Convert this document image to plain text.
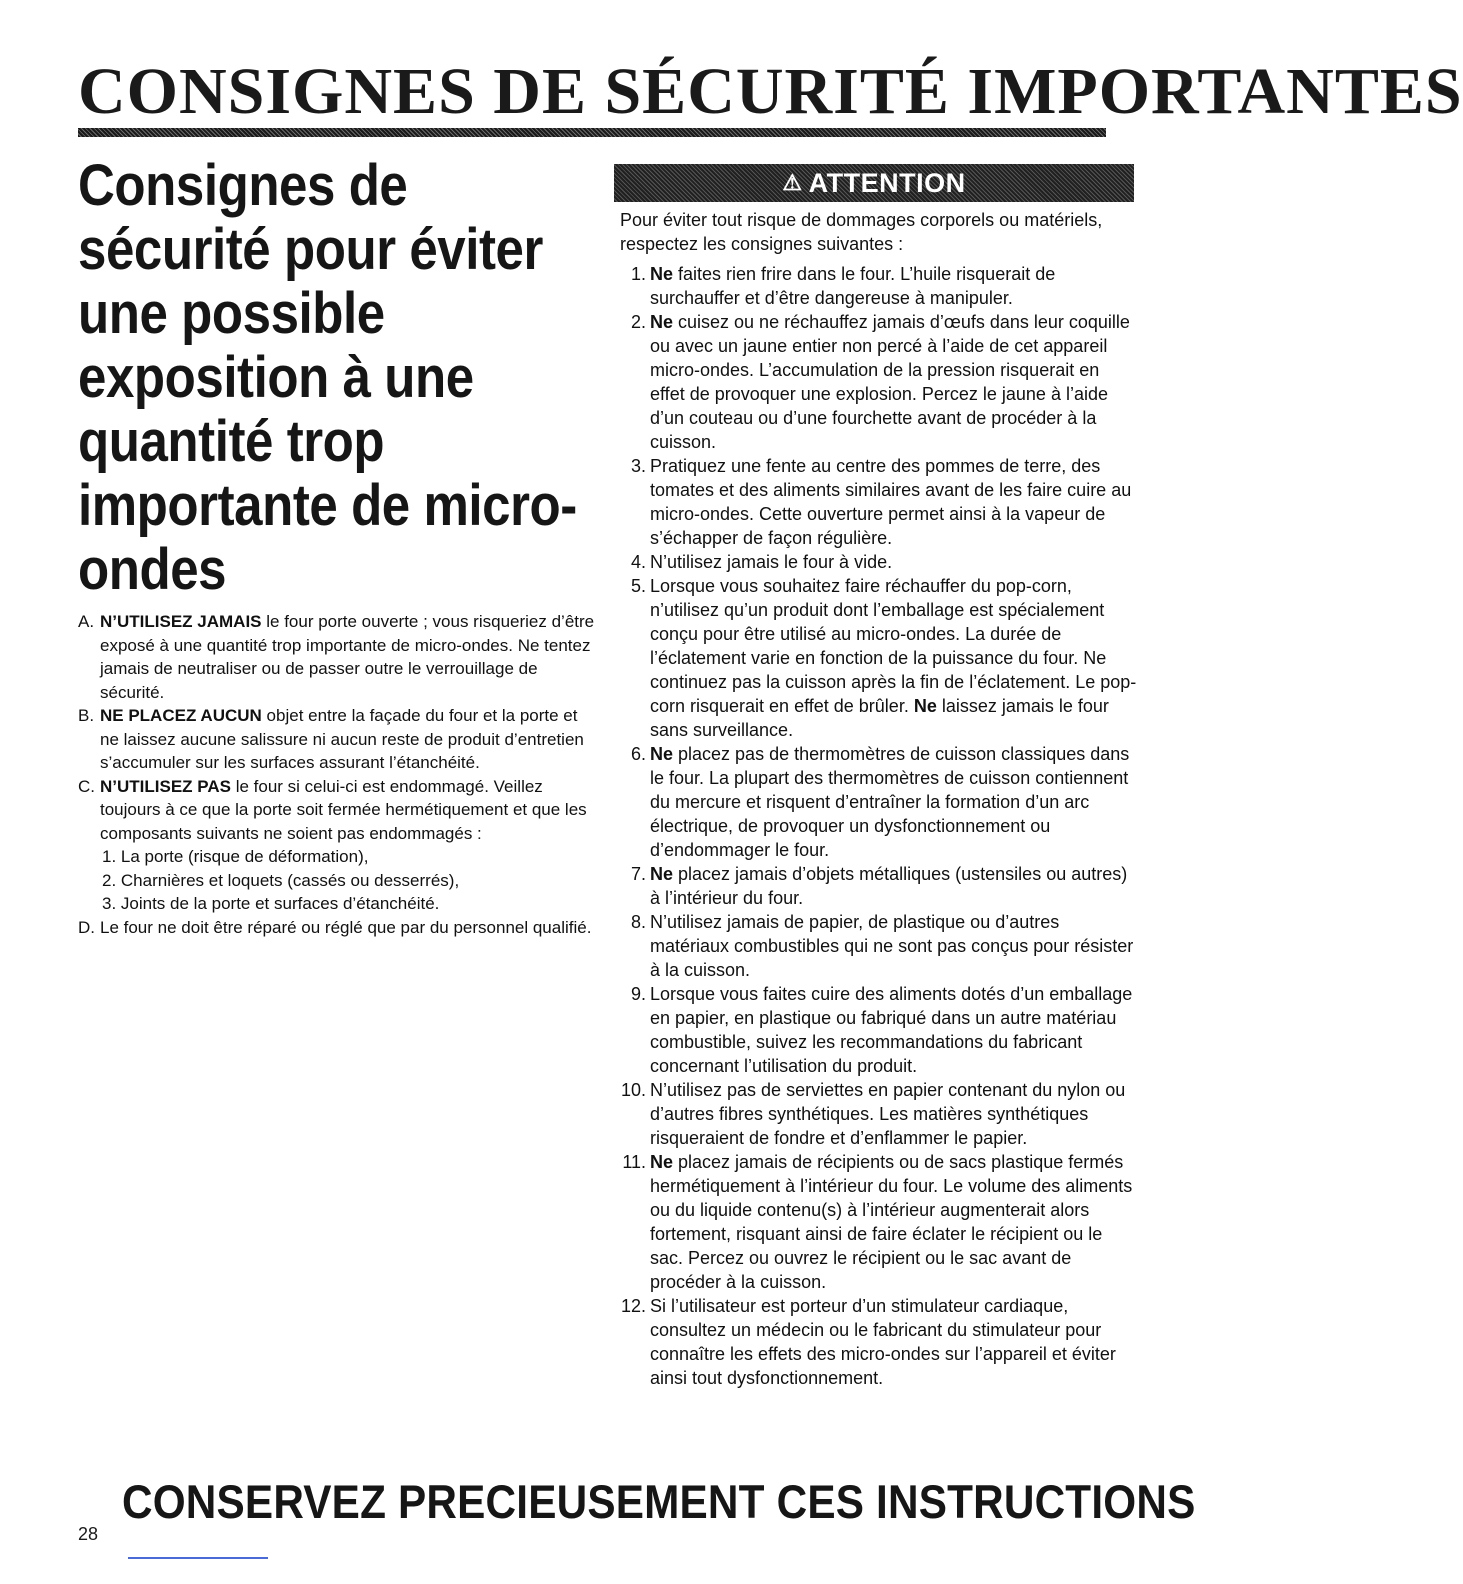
CONSIGNES DE SÉCURITÉ IMPORTANTES
Consignes de sécurité pour éviter une possible exposition à une quantité trop importante de micro-ondes
A. N’UTILISEZ JAMAIS le four porte ouverte ; vous risqueriez d’être exposé à une quantité trop importante de micro-ondes. Ne tentez jamais de neutraliser ou de passer outre le verrouillage de sécurité.
B. NE PLACEZ AUCUN objet entre la façade du four et la porte et ne laissez aucune salissure ni aucun reste de produit d’entretien s’accumuler sur les surfaces assurant l’étanchéité.
C. N’UTILISEZ PAS le four si celui-ci est endommagé. Veillez toujours à ce que la porte soit fermée hermétiquement et que les composants suivants ne soient pas endommagés :
1. La porte (risque de déformation),
2. Charnières et loquets (cassés ou desserrés),
3. Joints de la porte et surfaces d’étanchéité.
D. Le four ne doit être réparé ou réglé que par du personnel qualifié.
⚠ ATTENTION
Pour éviter tout risque de dommages corporels ou matériels, respectez les consignes suivantes :
1. Ne faites rien frire dans le four. L’huile risquerait de surchauffer et d’être dangereuse à manipuler.
2. Ne cuisez ou ne réchauffez jamais d’œufs dans leur coquille ou avec un jaune entier non percé à l’aide de cet appareil micro-ondes. L’accumulation de la pression risquerait en effet de provoquer une explosion. Percez le jaune à l’aide d’un couteau ou d’une fourchette avant de procéder à la cuisson.
3. Pratiquez une fente au centre des pommes de terre, des tomates et des aliments similaires avant de les faire cuire au micro-ondes. Cette ouverture permet ainsi à la vapeur de s’échapper de façon régulière.
4. N’utilisez jamais le four à vide.
5. Lorsque vous souhaitez faire réchauffer du pop-corn, n’utilisez qu’un produit dont l’emballage est spécialement conçu pour être utilisé au micro-ondes. La durée de l’éclatement varie en fonction de la puissance du four. Ne continuez pas la cuisson après la fin de l’éclatement. Le pop-corn risquerait en effet de brûler. Ne laissez jamais le four sans surveillance.
6. Ne placez pas de thermomètres de cuisson classiques dans le four. La plupart des thermomètres de cuisson contiennent du mercure et risquent d’entraîner la formation d’un arc électrique, de provoquer un dysfonctionnement ou d’endommager le four.
7. Ne placez jamais d’objets métalliques (ustensiles ou autres) à l’intérieur du four.
8. N’utilisez jamais de papier, de plastique ou d’autres matériaux combustibles qui ne sont pas conçus pour résister à la cuisson.
9. Lorsque vous faites cuire des aliments dotés d’un emballage en papier, en plastique ou fabriqué dans un autre matériau combustible, suivez les recommandations du fabricant concernant l’utilisation du produit.
10. N’utilisez pas de serviettes en papier contenant du nylon ou d’autres fibres synthétiques. Les matières synthétiques risqueraient de fondre et d’enflammer le papier.
11. Ne placez jamais de récipients ou de sacs plastique fermés hermétiquement à l’intérieur du four. Le volume des aliments ou du liquide contenu(s) à l’intérieur augmenterait alors fortement, risquant ainsi de faire éclater le récipient ou le sac. Percez ou ouvrez le récipient ou le sac avant de procéder à la cuisson.
12. Si l’utilisateur est porteur d’un stimulateur cardiaque, consultez un médecin ou le fabricant du stimulateur pour connaître les effets des micro-ondes sur l’appareil et éviter ainsi tout dysfonctionnement.
CONSERVEZ PRECIEUSEMENT CES INSTRUCTIONS
28
